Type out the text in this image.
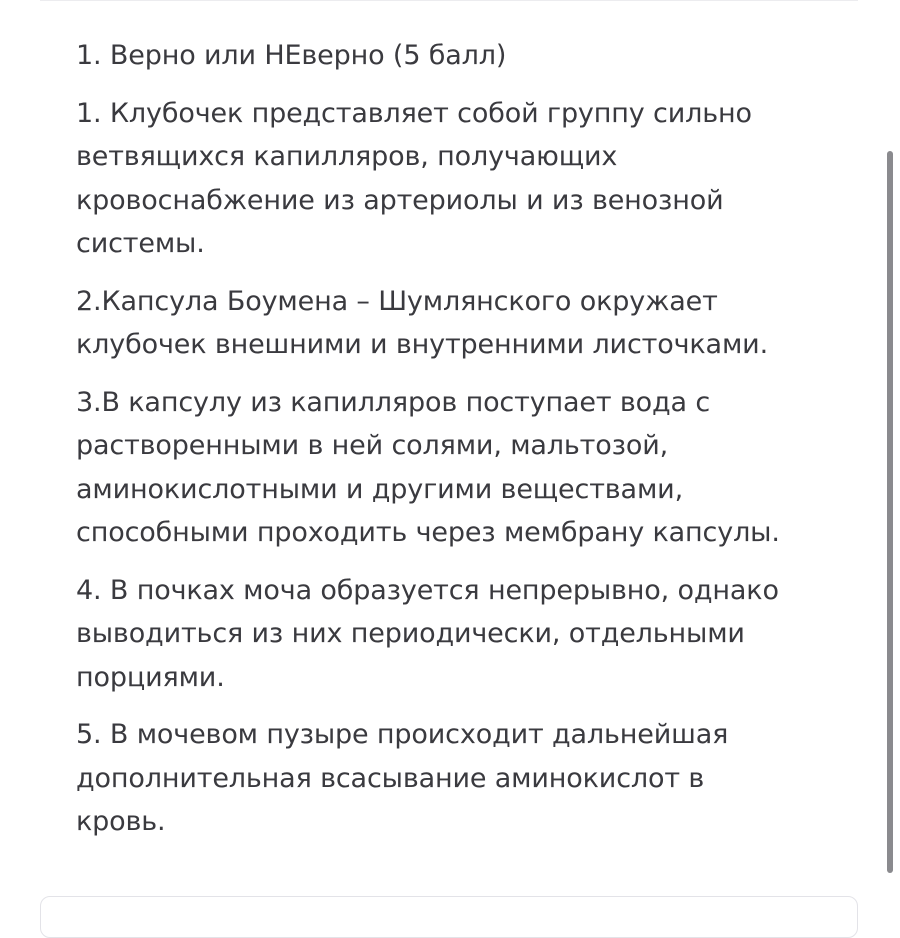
1. Верно или НЕверно (5 балл)

1. Клубочек представляет собой группу сильно
ветвящихся капилляров, получающих
кровоснабжение из артериолы и из венозной
системы.

2.Капсула Боумена – Шумлянского окружает
клубочек внешними и внутренними листочками.

3.В капсулу из капилляров поступает вода с
растворенными в ней солями, мальтозой,
аминокислотными и другими веществами,
способными проходить через мембрану капсулы.

4. В почках моча образуется непрерывно, однако
выводиться из них периодически, отдельными
порциями.

5. В мочевом пузыре происходит дальнейшая
дополнительная всасывание аминокислот в
кровь.
